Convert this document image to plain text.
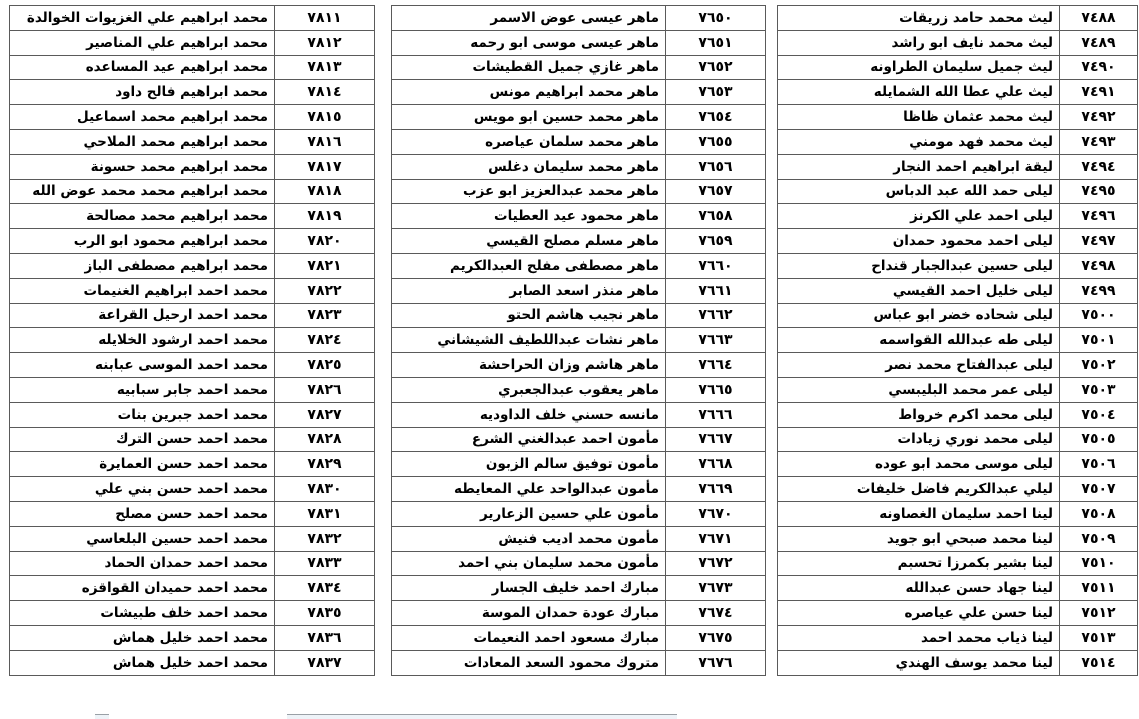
٧٤٨٨	ليث محمد حامد زريقات
٧٤٨٩	ليث محمد نايف ابو راشد
٧٤٩٠	ليث جميل سليمان الطراونه
٧٤٩١	ليث علي عطا الله الشمايله
٧٤٩٢	ليث محمد عثمان ظاظا
٧٤٩٣	ليث محمد فهد مومني
٧٤٩٤	ليقة ابراهيم احمد النجار
٧٤٩٥	ليلى حمد الله عبد الدباس
٧٤٩٦	ليلى احمد علي الكرنز
٧٤٩٧	ليلى احمد محمود حمدان
٧٤٩٨	ليلى حسين عبدالجبار قنداح
٧٤٩٩	ليلى خليل احمد القيسي
٧٥٠٠	ليلى شحاده خضر ابو عباس
٧٥٠١	ليلى طه عبدالله القواسمه
٧٥٠٢	ليلى عبدالفتاح محمد نصر
٧٥٠٣	ليلى عمر محمد البليبسي
٧٥٠٤	ليلى محمد اكرم خرواط
٧٥٠٥	ليلى محمد نوري زيادات
٧٥٠٦	ليلى موسى محمد ابو عوده
٧٥٠٧	ليلي عبدالكريم فاضل خليفات
٧٥٠٨	لينا احمد سليمان الغصاونه
٧٥٠٩	لينا محمد صبحي ابو جويد
٧٥١٠	لينا بشير بكمرزا تحسبم
٧٥١١	لينا جهاد حسن عبدالله
٧٥١٢	لينا حسن علي عياصره
٧٥١٣	لينا ذياب محمد احمد
٧٥١٤	لينا محمد يوسف الهندي
٧٦٥٠	ماهر عيسى عوض الاسمر
٧٦٥١	ماهر عيسى موسى ابو رحمه
٧٦٥٢	ماهر غازي جميل القطيشات
٧٦٥٣	ماهر محمد ابراهيم مونس
٧٦٥٤	ماهر محمد حسين ابو مويس
٧٦٥٥	ماهر محمد سلمان عياصره
٧٦٥٦	ماهر محمد سليمان دغلس
٧٦٥٧	ماهر محمد عبدالعزيز ابو عزب
٧٦٥٨	ماهر محمود عيد العطيات
٧٦٥٩	ماهر مسلم مصلح القيسي
٧٦٦٠	ماهر مصطفى مفلح العبدالكريم
٧٦٦١	ماهر منذر اسعد الصابر
٧٦٦٢	ماهر نجيب هاشم الحتو
٧٦٦٣	ماهر نشات عبداللطيف الشيشاني
٧٦٦٤	ماهر هاشم وزان الحراحشة
٧٦٦٥	ماهر يعقوب عبدالجعبري
٧٦٦٦	مانسه حسني خلف الداوديه
٧٦٦٧	مأمون احمد عبدالغني الشرع
٧٦٦٨	مأمون توفيق سالم الزبون
٧٦٦٩	مأمون عبدالواحد علي المعايطه
٧٦٧٠	مأمون علي حسين الزعارير
٧٦٧١	مأمون محمد اديب فنيش
٧٦٧٢	مأمون محمد سليمان بني احمد
٧٦٧٣	مبارك احمد خليف الجسار
٧٦٧٤	مبارك عودة حمدان الموسة
٧٦٧٥	مبارك مسعود احمد النعيمات
٧٦٧٦	متروك محمود السعد المعادات
٧٨١١	محمد ابراهيم علي الغزيوات الخوالدة
٧٨١٢	محمد ابراهيم علي المناصير
٧٨١٣	محمد ابراهيم عيد المساعده
٧٨١٤	محمد ابراهيم فالح داود
٧٨١٥	محمد ابراهيم محمد اسماعيل
٧٨١٦	محمد ابراهيم محمد الملاحي
٧٨١٧	محمد ابراهيم محمد حسونة
٧٨١٨	محمد ابراهيم محمد محمد عوض الله
٧٨١٩	محمد ابراهيم محمد مصالحة
٧٨٢٠	محمد ابراهيم محمود ابو الرب
٧٨٢١	محمد ابراهيم مصطفى الباز
٧٨٢٢	محمد احمد ابراهيم الغنيمات
٧٨٢٣	محمد احمد ارحيل القراعة
٧٨٢٤	محمد احمد ارشود الخلايله
٧٨٢٥	محمد احمد الموسى عبابنه
٧٨٢٦	محمد احمد جابر سبابيه
٧٨٢٧	محمد احمد جبرين بنات
٧٨٢٨	محمد احمد حسن الترك
٧٨٢٩	محمد احمد حسن العمايرة
٧٨٣٠	محمد احمد حسن بني علي
٧٨٣١	محمد احمد حسن مصلح
٧٨٣٢	محمد احمد حسين البلعاسي
٧٨٣٣	محمد احمد حمدان الحماد
٧٨٣٤	محمد احمد حميدان القواقزه
٧٨٣٥	محمد احمد خلف طبيشات
٧٨٣٦	محمد احمد خليل هماش
٧٨٣٧	محمد احمد خليل هماش
